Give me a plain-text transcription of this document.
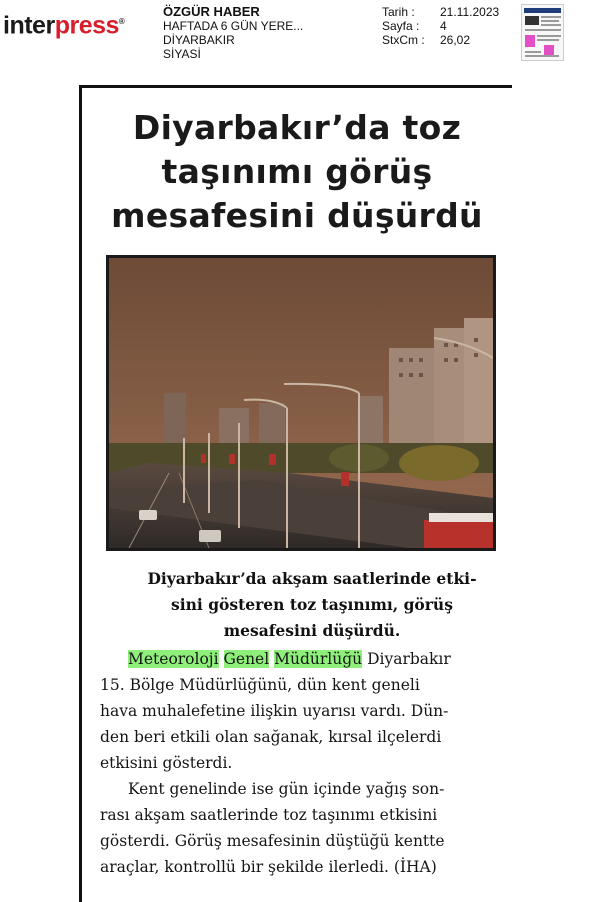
interpress®
ÖZGÜR HABER
HAFTADA 6 GÜN YERE...
DİYARBAKIR
SİYASİ
Tarih :	21.11.2023
Sayfa :	4
StxCm :	26,02
Diyarbakır’da toz
taşınımı görüş
mesafesini düşürdü
Diyarbakır’da akşam saatlerinde etki-
sini gösteren toz taşınımı, görüş
mesafesini düşürdü.

Meteoroloji Genel Müdürlüğü Diyarbakır
15. Bölge Müdürlüğünü, dün kent geneli
hava muhalefetine ilişkin uyarısı vardı. Dün-
den beri etkili olan sağanak, kırsal ilçelerdi
etkisini gösterdi.

Kent genelinde ise gün içinde yağış son-
rası akşam saatlerinde toz taşınımı etkisini
gösterdi. Görüş mesafesinin düştüğü kentte
araçlar, kontrollü bir şekilde ilerledi. (İHA)
